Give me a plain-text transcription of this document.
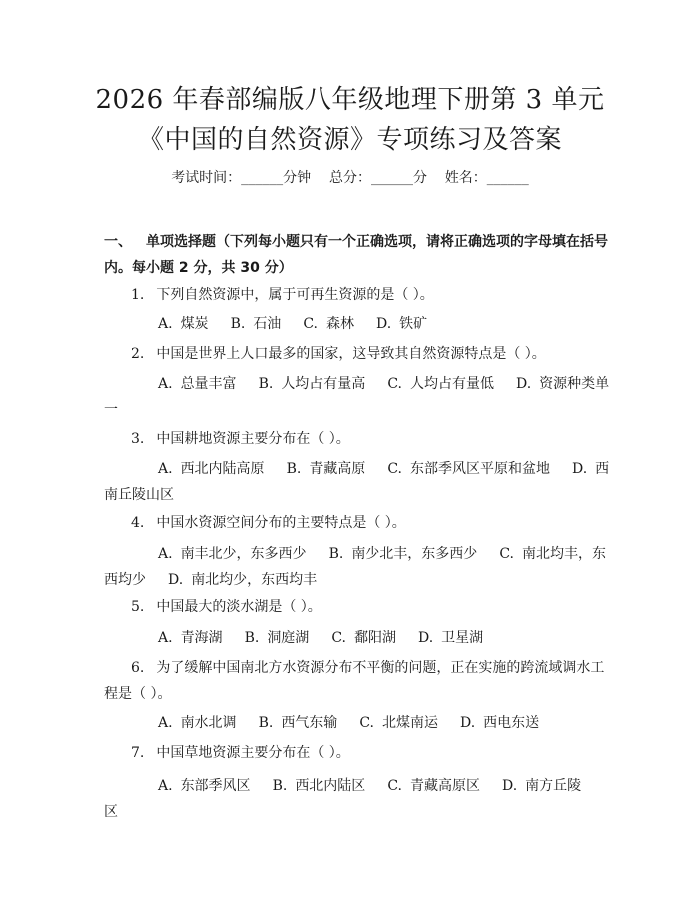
2026 年春部编版八年级地理下册第 3 单元
《中国的自然资源》专项练习及答案
考试时间：______分钟    总分：______分    姓名：______
一、 单项选择题（下列每小题只有一个正确选项，请将正确选项的字母填在括号内。每小题 2 分，共 30 分）
1. 下列自然资源中，属于可再生资源的是（ ）。
A. 煤炭 B. 石油 C. 森林 D. 铁矿
2. 中国是世界上人口最多的国家，这导致其自然资源特点是（ ）。
A. 总量丰富 B. 人均占有量高 C. 人均占有量低 D. 资源种类单一
3. 中国耕地资源主要分布在（ ）。
A. 西北内陆高原 B. 青藏高原 C. 东部季风区平原和盆地 D. 西南丘陵山区
4. 中国水资源空间分布的主要特点是（ ）。
A. 南丰北少，东多西少 B. 南少北丰，东多西少 C. 南北均丰，东西均少 D. 南北均少，东西均丰
5. 中国最大的淡水湖是（ ）。
A. 青海湖 B. 洞庭湖 C. 鄱阳湖 D. 卫星湖
6. 为了缓解中国南北方水资源分布不平衡的问题，正在实施的跨流域调水工程是（ ）。
A. 南水北调 B. 西气东输 C. 北煤南运 D. 西电东送
7. 中国草地资源主要分布在（ ）。
A. 东部季风区 B. 西北内陆区 C. 青藏高原区 D. 南方丘陵区
